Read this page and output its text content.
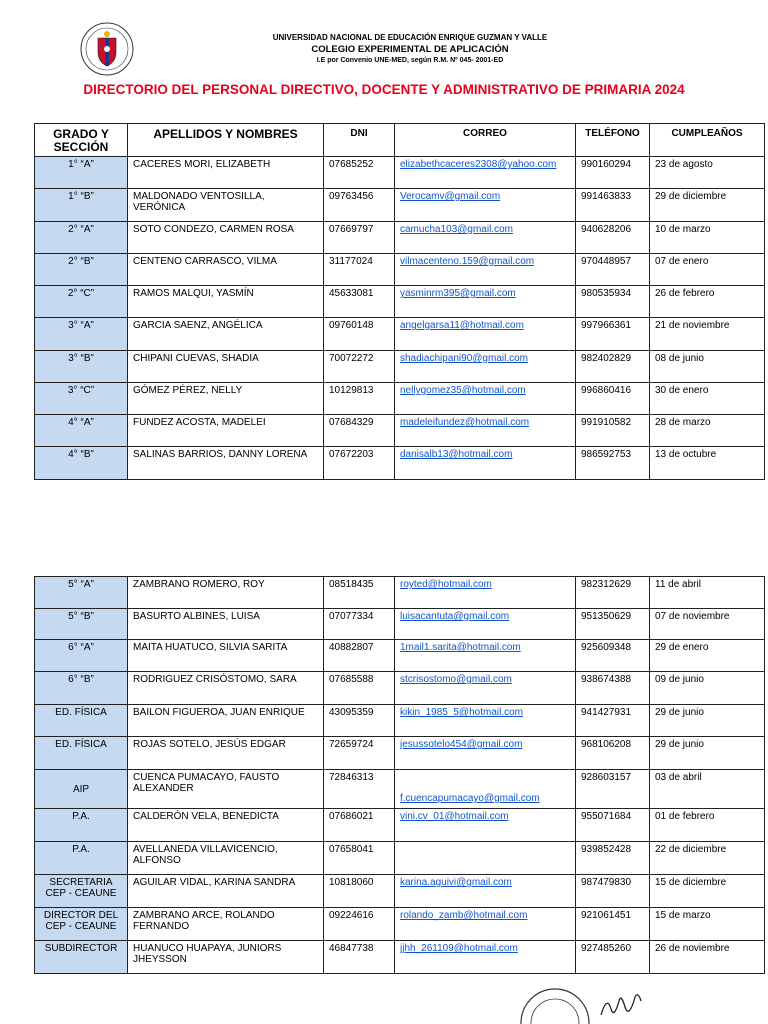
UNIVERSIDAD NACIONAL DE EDUCACIÓN ENRIQUE GUZMAN Y VALLE
COLEGIO EXPERIMENTAL DE APLICACIÓN
I.E por Convenio UNE-MED, según R.M. Nº 045- 2001-ED
DIRECTORIO DEL PERSONAL DIRECTIVO, DOCENTE Y ADMINISTRATIVO DE PRIMARIA 2024
GRADO Y SECCIÓN	APELLIDOS Y NOMBRES	DNI	CORREO	TELÉFONO	CUMPLEAÑOS
1° “A”	CACERES MORI, ELIZABETH	07685252	elizabethcaceres2308@yahoo.com	990160294	23 de agosto
1° “B”	MALDONADO VENTOSILLA, VERÓNICA	09763456	Verocamv@gmail.com	991463833	29 de diciembre
2° “A”	SOTO CONDEZO, CARMEN ROSA	07669797	camucha103@gmail.com	940628206	10 de marzo
2° “B”	CENTENO CARRASCO, VILMA	31177024	vilmacenteno.159@gmail.com	970448957	07 de enero
2° “C”	RAMOS MALQUI, YASMÍN	45633081	yasminrm395@gmail.com	980535934	26 de febrero
3° “A”	GARCIA SAENZ, ANGÉLICA	09760148	angelgarsa11@hotmail.com	997966361	21 de noviembre
3° “B”	CHIPANI CUEVAS, SHADIA	70072272	shadiachipani90@gmail.com	982402829	08 de junio
3° “C”	GÓMEZ PÉREZ, NELLY	10129813	nellygomez35@hotmail.com	996860416	30 de enero
4° “A”	FUNDEZ ACOSTA, MADELEI	07684329	madeleifundez@hotmail.com	991910582	28 de marzo
4° “B”	SALINAS BARRIOS, DANNY LORENA	07672203	danisalb13@hotmail.com	986592753	13 de octubre
5° “A”	ZAMBRANO ROMERO, ROY	08518435	royted@hotmail.com	982312629	11 de abril
5° “B”	BASURTO ALBINES, LUISA	07077334	luisacantuta@gmail.com	951350629	07 de noviembre
6° “A”	MAITA HUATUCO, SILVIA SARITA	40882807	1mail1.sarita@hotmail.com	925609348	29 de enero
6° “B”	RODRIGUEZ CRISÓSTOMO, SARA	07685588	stcrisostomo@gmail.com	938674388	09 de junio
ED. FÍSICA	BAILON FIGUEROA, JUAN ENRIQUE	43095359	kikin_1985_5@hotmail.com	941427931	29 de junio
ED. FÍSICA	ROJAS SOTELO, JESÚS EDGAR	72659724	jesussotelo454@gmail.com	968106208	29 de junio
AIP	CUENCA PUMACAYO, FAUSTO ALEXANDER	72846313	f.cuencapumacayo@gmail.com	928603157	03 de abril
P.A.	CALDERÓN VELA, BENEDICTA	07686021	vini.cv_01@hotmail.com	955071684	01 de febrero
P.A.	AVELLANEDA VILLAVICENCIO, ALFONSO	07658041		939852428	22 de diciembre
SECRETARIA CEP - CEAUNE	AGUILAR VIDAL, KARINA SANDRA	10818060	karina.aguivi@gmail.com	987479830	15 de diciembre
DIRECTOR DEL CEP - CEAUNE	ZAMBRANO ARCE, ROLANDO FERNANDO	09224616	rolando_zamb@hotmail.com	921061451	15 de marzo
SUBDIRECTOR	HUANUCO HUAPAYA, JUNIORS JHEYSSON	46847738	jjhh_261109@hotmail.com	927485260	26 de noviembre
